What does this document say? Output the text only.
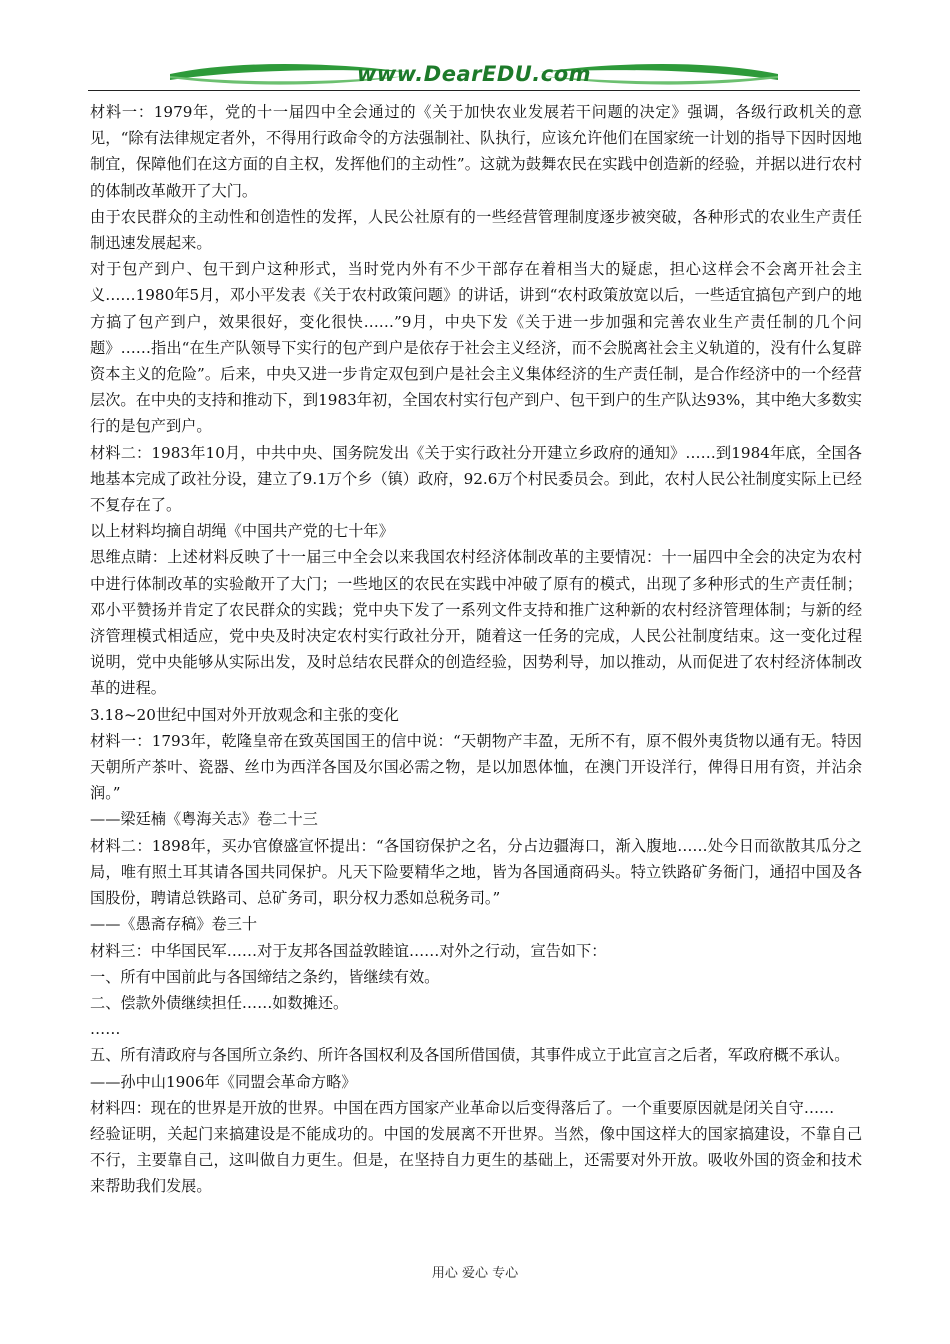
www.DearEDU.com

材料一：1979年，党的十一届四中全会通过的《关于加快农业发展若干问题的决定》强调，各级行政机关的意见，“除有法律规定者外，不得用行政命令的方法强制社、队执行，应该允许他们在国家统一计划的指导下因时因地制宜，保障他们在这方面的自主权，发挥他们的主动性”。这就为鼓舞农民在实践中创造新的经验，并据以进行农村的体制改革敞开了大门。

由于农民群众的主动性和创造性的发挥，人民公社原有的一些经营管理制度逐步被突破，各种形式的农业生产责任制迅速发展起来。

对于包产到户、包干到户这种形式，当时党内外有不少干部存在着相当大的疑虑，担心这样会不会离开社会主义……1980年5月，邓小平发表《关于农村政策问题》的讲话，讲到“农村政策放宽以后，一些适宜搞包产到户的地方搞了包产到户，效果很好，变化很快……”9月，中央下发《关于进一步加强和完善农业生产责任制的几个问题》……指出“在生产队领导下实行的包产到户是依存于社会主义经济，而不会脱离社会主义轨道的，没有什么复辟资本主义的危险”。后来，中央又进一步肯定双包到户是社会主义集体经济的生产责任制，是合作经济中的一个经营层次。在中央的支持和推动下，到1983年初，全国农村实行包产到户、包干到户的生产队达93%，其中绝大多数实行的是包产到户。

材料二：1983年10月，中共中央、国务院发出《关于实行政社分开建立乡政府的通知》……到1984年底，全国各地基本完成了政社分设，建立了9.1万个乡（镇）政府，92.6万个村民委员会。到此，农村人民公社制度实际上已经不复存在了。

以上材料均摘自胡绳《中国共产党的七十年》

思维点睛：上述材料反映了十一届三中全会以来我国农村经济体制改革的主要情况：十一届四中全会的决定为农村中进行体制改革的实验敞开了大门；一些地区的农民在实践中冲破了原有的模式，出现了多种形式的生产责任制；邓小平赞扬并肯定了农民群众的实践；党中央下发了一系列文件支持和推广这种新的农村经济管理体制；与新的经济管理模式相适应，党中央及时决定农村实行政社分开，随着这一任务的完成，人民公社制度结束。这一变化过程说明，党中央能够从实际出发，及时总结农民群众的创造经验，因势利导，加以推动，从而促进了农村经济体制改革的进程。

3.18~20世纪中国对外开放观念和主张的变化

材料一：1793年，乾隆皇帝在致英国国王的信中说：“天朝物产丰盈，无所不有，原不假外夷货物以通有无。特因天朝所产茶叶、瓷器、丝巾为西洋各国及尔国必需之物，是以加恩体恤，在澳门开设洋行，俾得日用有资，并沾余润。”

——梁廷楠《粤海关志》卷二十三

材料二：1898年，买办官僚盛宣怀提出：“各国窃保护之名，分占边疆海口，渐入腹地……处今日而欲散其瓜分之局，唯有照土耳其请各国共同保护。凡天下险要精华之地，皆为各国通商码头。特立铁路矿务衙门，通招中国及各国股份，聘请总铁路司、总矿务司，职分权力悉如总税务司。”

——《愚斋存稿》卷三十

材料三：中华国民军……对于友邦各国益敦睦谊……对外之行动，宣告如下：

一、所有中国前此与各国缔结之条约，皆继续有效。

二、偿款外债继续担任……如数摊还。

……

五、所有清政府与各国所立条约、所许各国权利及各国所借国债，其事件成立于此宣言之后者，军政府概不承认。

——孙中山1906年《同盟会革命方略》

材料四：现在的世界是开放的世界。中国在西方国家产业革命以后变得落后了。一个重要原因就是闭关自守……

经验证明，关起门来搞建设是不能成功的。中国的发展离不开世界。当然，像中国这样大的国家搞建设，不靠自己不行，主要靠自己，这叫做自力更生。但是，在坚持自力更生的基础上，还需要对外开放。吸收外国的资金和技术来帮助我们发展。

用心 爱心 专心
